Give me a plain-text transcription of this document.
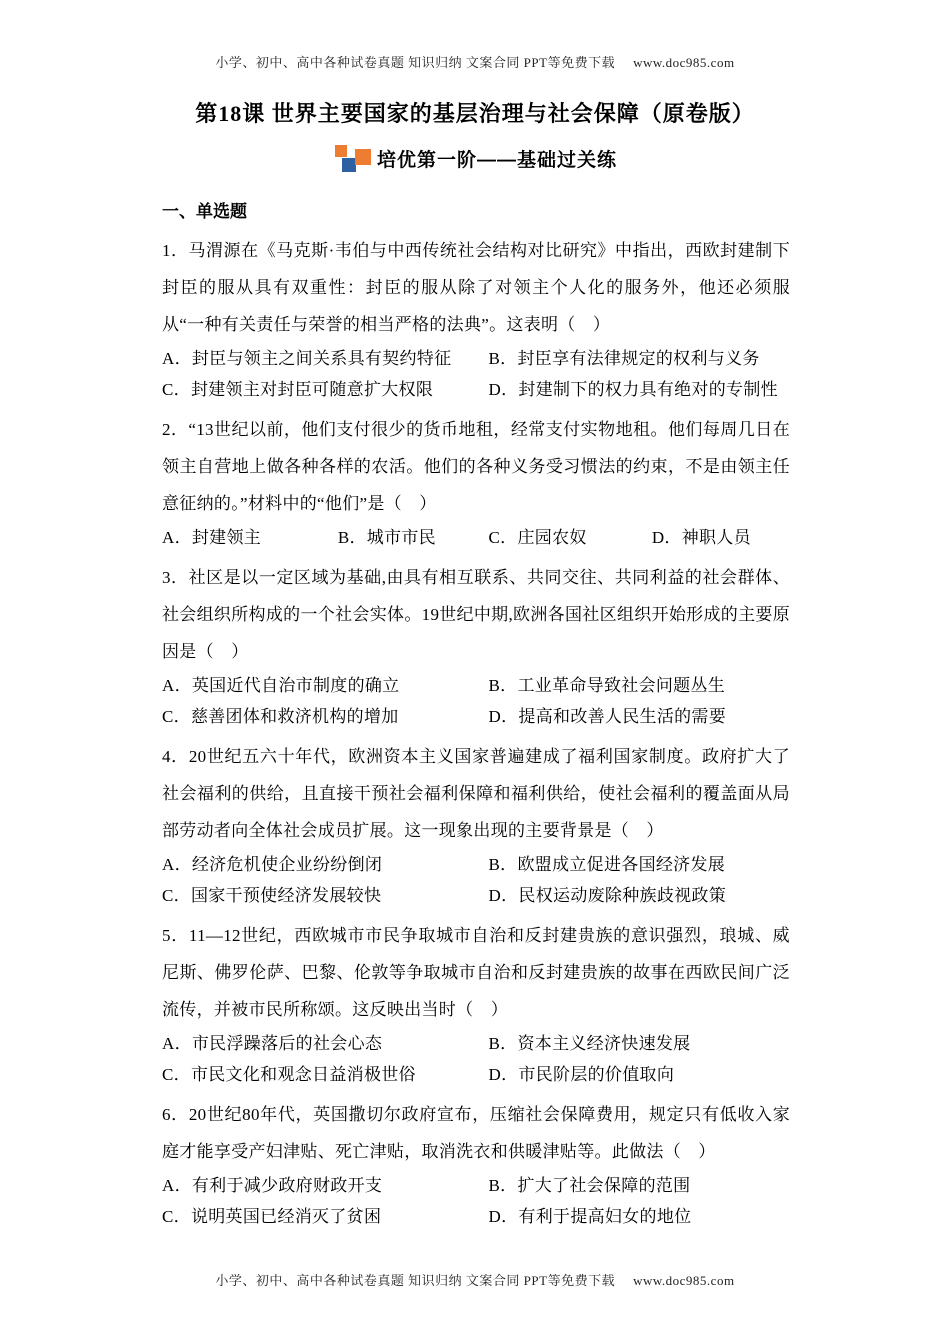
小学、初中、高中各种试卷真题 知识归纳 文案合同 PPT等免费下载 www.doc985.com
第18课 世界主要国家的基层治理与社会保障（原卷版）
培优第一阶——基础过关练
一、单选题
1．马渭源在《马克斯·韦伯与中西传统社会结构对比研究》中指出，西欧封建制下封臣的服从具有双重性：封臣的服从除了对领主个人化的服务外，他还必须服从“一种有关责任与荣誉的相当严格的法典”。这表明（　）
A．封臣与领主之间关系具有契约特征	B．封臣享有法律规定的权利与义务
C．封建领主对封臣可随意扩大权限	D．封建制下的权力具有绝对的专制性
2．“13世纪以前，他们支付很少的货币地租，经常支付实物地租。他们每周几日在领主自营地上做各种各样的农活。他们的各种义务受习惯法的约束，不是由领主任意征纳的。”材料中的“他们”是（　）
A．封建领主	B．城市市民	C．庄园农奴	D．神职人员
3．社区是以一定区域为基础,由具有相互联系、共同交往、共同利益的社会群体、社会组织所构成的一个社会实体。19世纪中期,欧洲各国社区组织开始形成的主要原因是（　）
A．英国近代自治市制度的确立	B．工业革命导致社会问题丛生
C．慈善团体和救济机构的增加	D．提高和改善人民生活的需要
4．20世纪五六十年代，欧洲资本主义国家普遍建成了福利国家制度。政府扩大了社会福利的供给，且直接干预社会福利保障和福利供给，使社会福利的覆盖面从局部劳动者向全体社会成员扩展。这一现象出现的主要背景是（　）
A．经济危机使企业纷纷倒闭	B．欧盟成立促进各国经济发展
C．国家干预使经济发展较快	D．民权运动废除种族歧视政策
5．11—12世纪，西欧城市市民争取城市自治和反封建贵族的意识强烈，琅城、威尼斯、佛罗伦萨、巴黎、伦敦等争取城市自治和反封建贵族的故事在西欧民间广泛流传，并被市民所称颂。这反映出当时（　）
A．市民浮躁落后的社会心态	B．资本主义经济快速发展
C．市民文化和观念日益消极世俗	D．市民阶层的价值取向
6．20世纪80年代，英国撒切尔政府宣布，压缩社会保障费用，规定只有低收入家庭才能享受产妇津贴、死亡津贴，取消洗衣和供暖津贴等。此做法（　）
A．有利于减少政府财政开支	B．扩大了社会保障的范围
C．说明英国已经消灭了贫困	D．有利于提高妇女的地位
小学、初中、高中各种试卷真题 知识归纳 文案合同 PPT等免费下载 www.doc985.com
